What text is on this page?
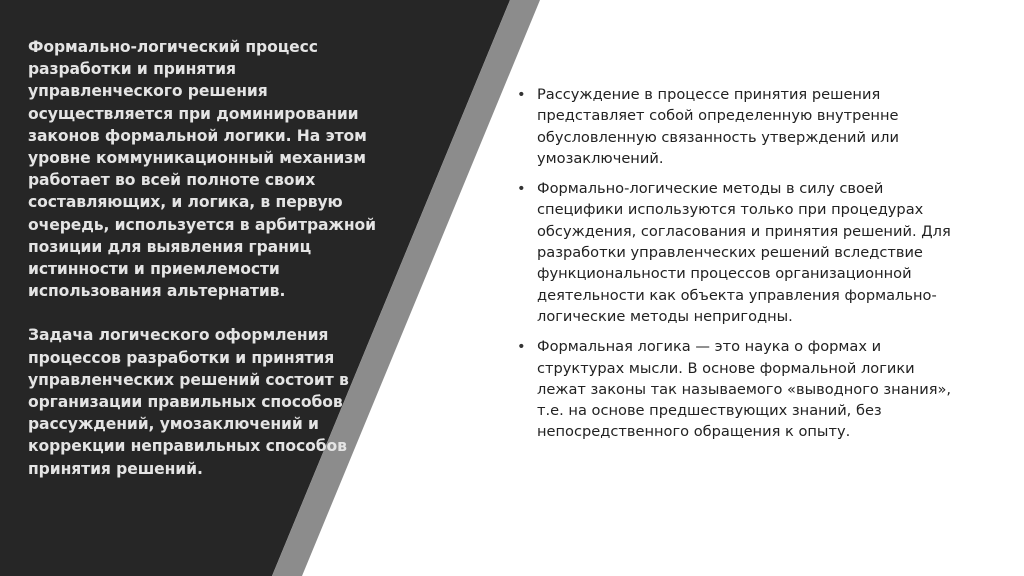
Формально-логический процесс разработки и принятия управленческого решения осуществляется при доминировании законов формальной логики. На этом уровне коммуникационный механизм работает во всей полноте своих составляющих, и логика, в первую очередь, используется в арбитражной позиции для выявления границ истинности и приемлемости использования альтернатив.

Задача логического оформления процессов разработки и принятия управленческих решений состоит в организации правильных способов рассуждений, умозаключений и коррекции неправильных способов принятия решений.

• Рассуждение в процессе принятия решения представляет собой определенную внутренне обусловленную связанность утверждений или умозаключений.
• Формально-логические методы в силу своей специфики используются только при процедурах обсуждения, согласования и принятия решений. Для разработки управленческих решений вследствие функциональности процессов организационной деятельности как объекта управления формально-логические методы непригодны.
• Формальная логика — это наука о формах и структурах мысли. В основе формальной логики лежат законы так называемого «выводного знания», т.е. на основе предшествующих знаний, без непосредственного обращения к опыту.
